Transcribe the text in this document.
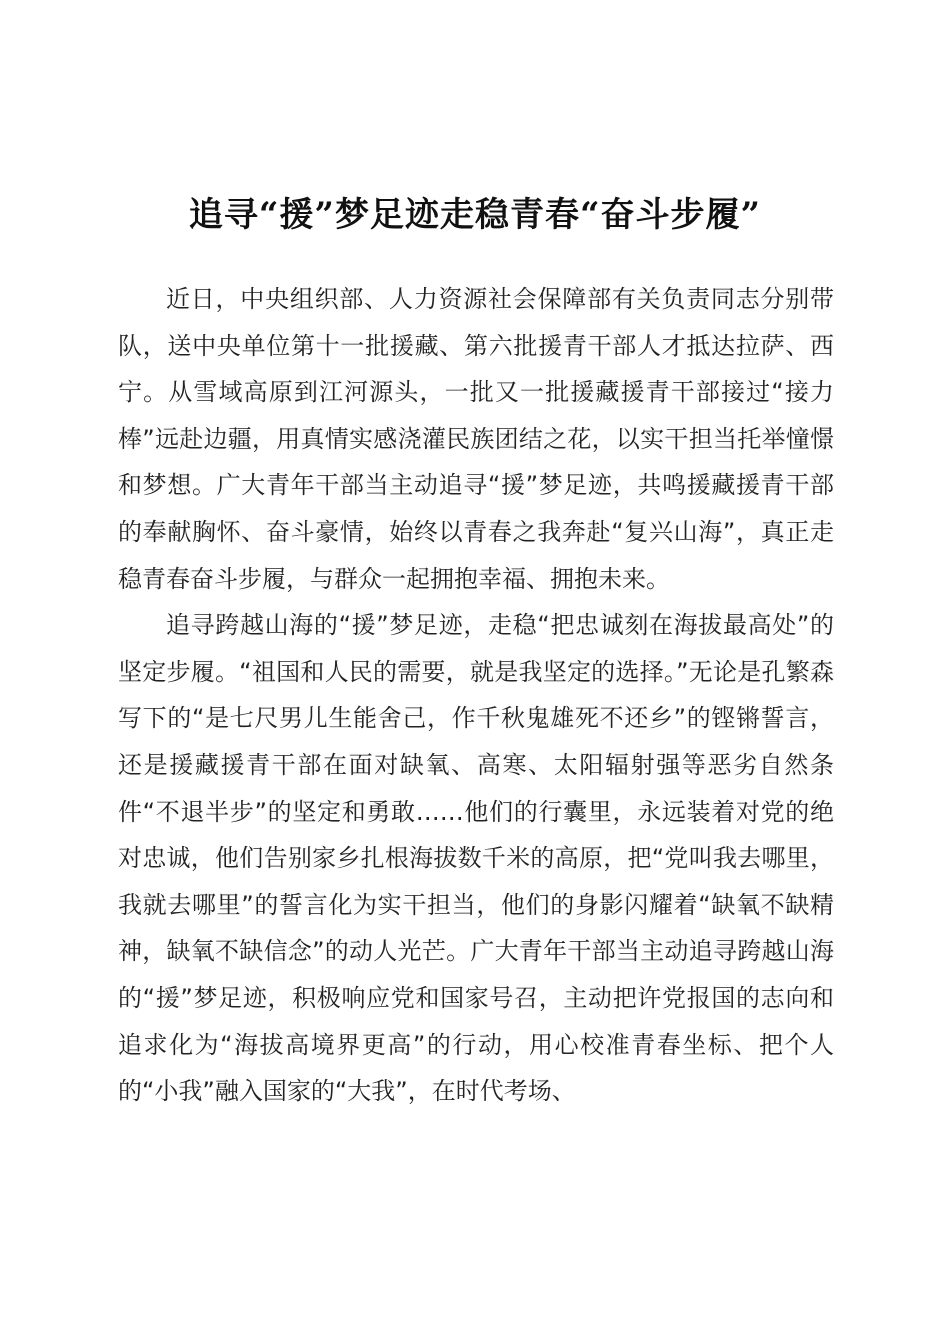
追寻“援”梦足迹走稳青春“奋斗步履”

近日，中央组织部、人力资源社会保障部有关负责同志分别带队，送中央单位第十一批援藏、第六批援青干部人才抵达拉萨、西宁。从雪域高原到江河源头，一批又一批援藏援青干部接过“接力棒”远赴边疆，用真情实感浇灌民族团结之花，以实干担当托举憧憬和梦想。广大青年干部当主动追寻“援”梦足迹，共鸣援藏援青干部的奉献胸怀、奋斗豪情，始终以青春之我奔赴“复兴山海”，真正走稳青春奋斗步履，与群众一起拥抱幸福、拥抱未来。

追寻跨越山海的“援”梦足迹，走稳“把忠诚刻在海拔最高处”的坚定步履。“祖国和人民的需要，就是我坚定的选择。”无论是孔繁森写下的“是七尺男儿生能舍己，作千秋鬼雄死不还乡”的铿锵誓言，还是援藏援青干部在面对缺氧、高寒、太阳辐射强等恶劣自然条件“不退半步”的坚定和勇敢……他们的行囊里，永远装着对党的绝对忠诚，他们告别家乡扎根海拔数千米的高原，把“党叫我去哪里，我就去哪里”的誓言化为实干担当，他们的身影闪耀着“缺氧不缺精神，缺氧不缺信念”的动人光芒。广大青年干部当主动追寻跨越山海的“援”梦足迹，积极响应党和国家号召，主动把许党报国的志向和追求化为“海拔高境界更高”的行动，用心校准青春坐标、把个人的“小我”融入国家的“大我”，在时代考场、
